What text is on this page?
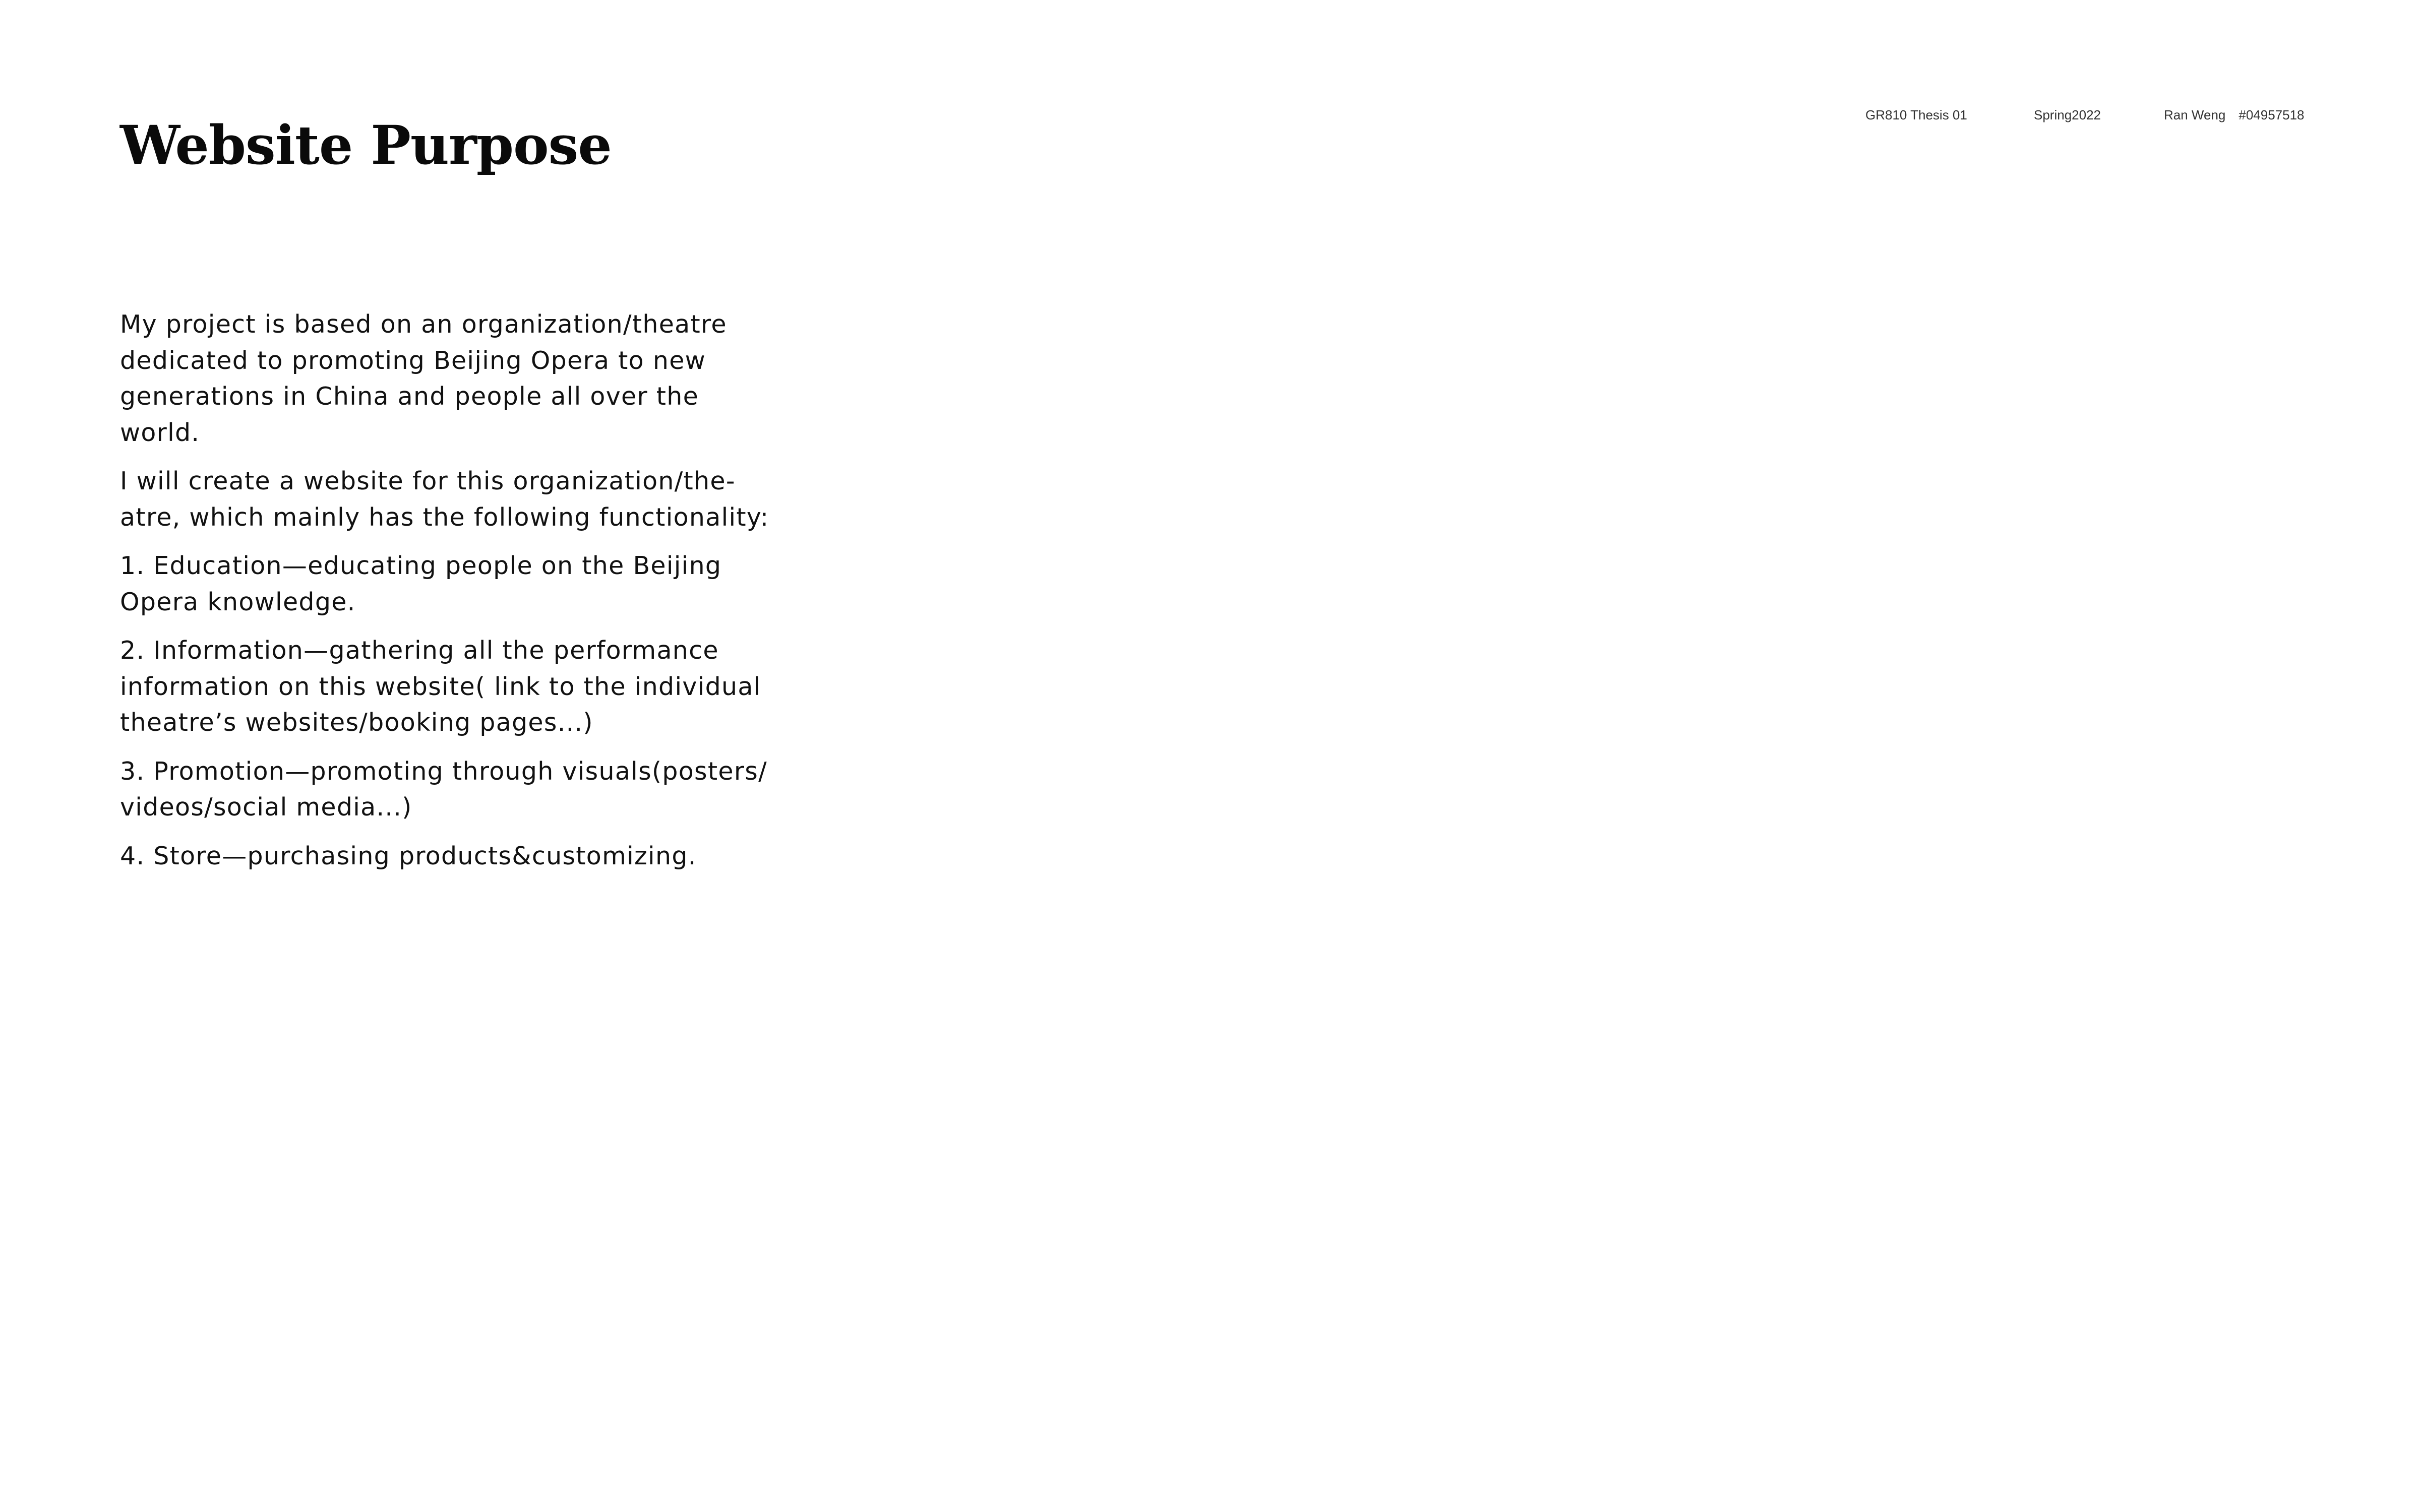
Website Purpose	GR810 Thesis 01	Spring2022	Ran Weng #04957518

My project is based on an organization/theatre
dedicated to promoting Beijing Opera to new
generations in China and people all over the
world.

I will create a website for this organization/the-
atre, which mainly has the following functionality:

1. Education—educating people on the Beijing
Opera knowledge.

2. Information—gathering all the performance
information on this website( link to the individual
theatre’s websites/booking pages...)

3. Promotion—promoting through visuals(posters/
videos/social media...)

4. Store—purchasing products&customizing.
